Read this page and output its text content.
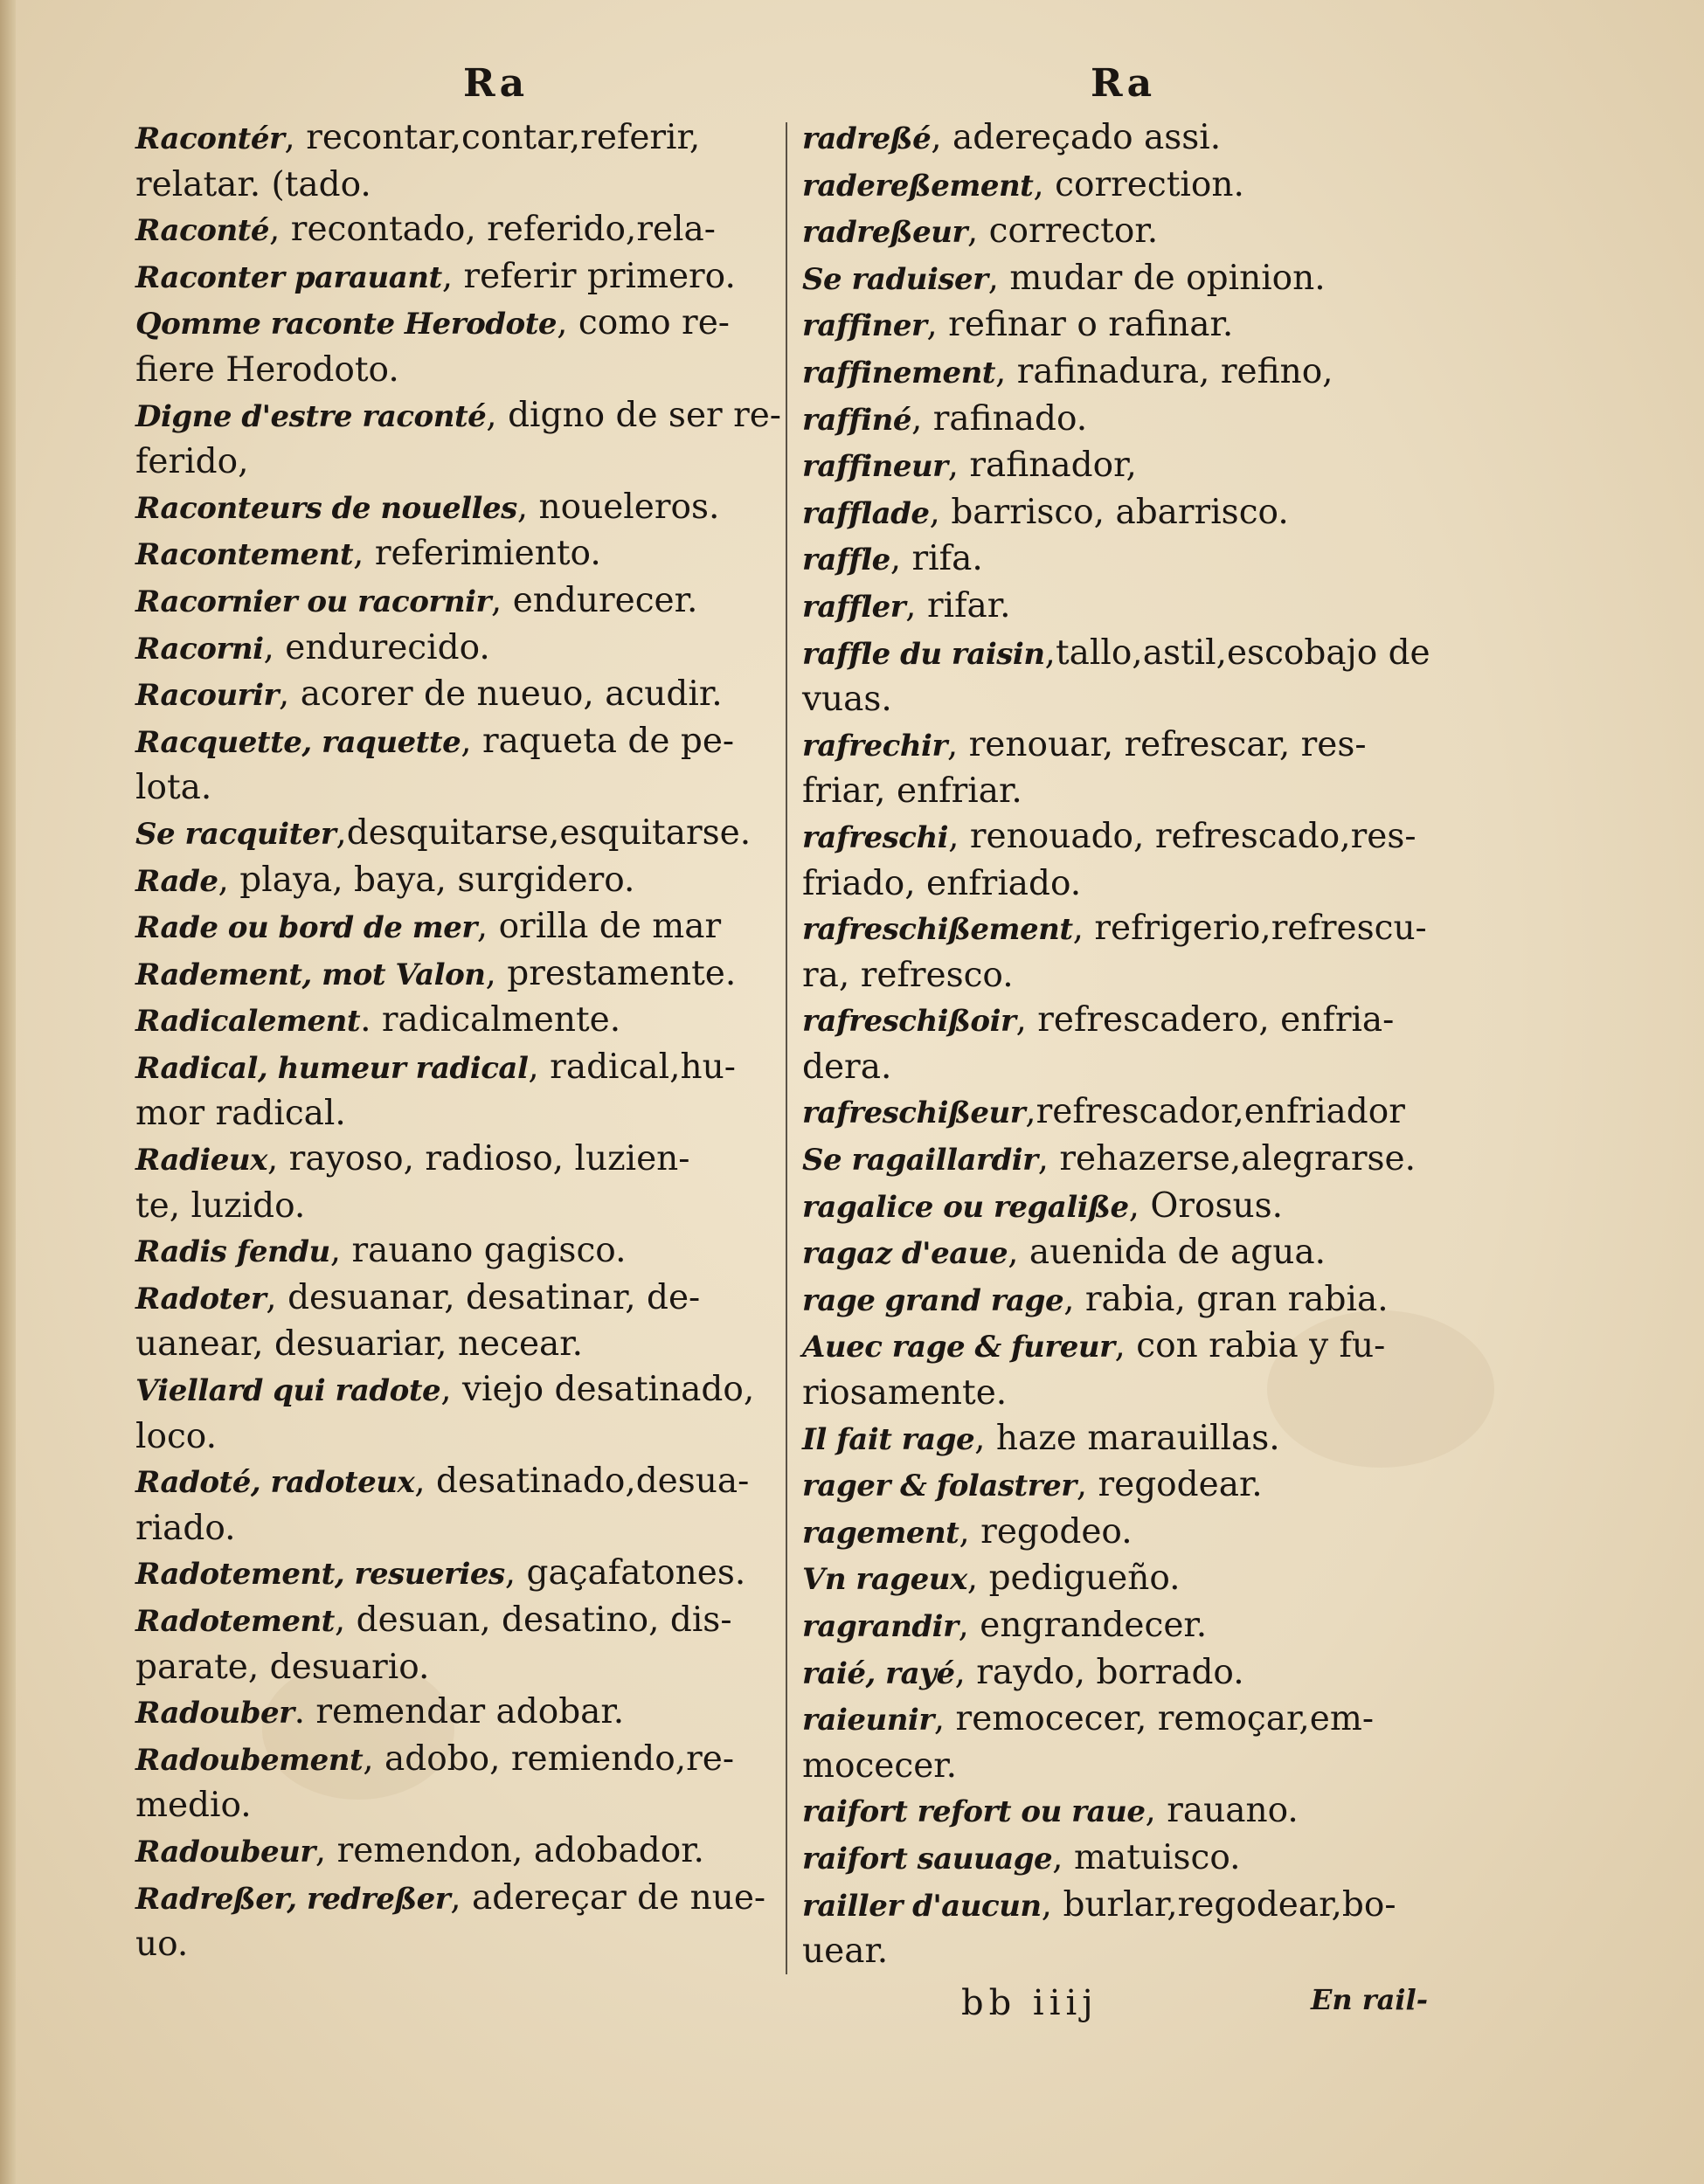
Ra	Ra
Racontér, recontar,contar,referir,
relatar. (tado.
Raconté, recontado, referido,rela-
Raconter parauant, referir primero.
Qomme raconte Herodote, como re-
fiere Herodoto.
Digne d'estre raconté, digno de ser re-
ferido,
Raconteurs de nouelles, noueleros.
Racontement, referimiento.
Racornier ou racornir, endurecer.
Racorni, endurecido.
Racourir, acorer de nueuo, acudir.
Racquette, raquette, raqueta de pe-
lota.
Se racquiter,desquitarse,esquitarse.
Rade, playa, baya, surgidero.
Rade ou bord de mer, orilla de mar
Radement, mot Valon, prestamente.
Radicalement. radicalmente.
Radical, humeur radical, radical,hu-
mor radical.
Radieux, rayoso, radioso, luzien-
te, luzido.
Radis fendu, rauano gagisco.
Radoter, desuanar, desatinar, de-
uanear, desuariar, necear.
Viellard qui radote, viejo desatinado,
loco.
Radoté, radoteux, desatinado,desua-
riado.
Radotement, resueries, gaçafatones.
Radotement, desuan, desatino, dis-
parate, desuario.
Radouber. remendar adobar.
Radoubement, adobo, remiendo,re-
medio.
Radoubeur, remendon, adobador.
Radreßer, redreßer, adereçar de nue-
uo.
radreßé, adereçado assi.
radereßement, correction.
radreßeur, corrector.
Se raduiser, mudar de opinion.
raffiner, refinar o rafinar.
raffinement, rafinadura, refino,
raffiné, rafinado.
raffineur, rafinador,
rafflade, barrisco, abarrisco.
raffle, rifa.
raffler, rifar.
raffle du raisin,tallo,astil,escobajo de
vuas.
rafrechir, renouar, refrescar, res-
friar, enfriar.
rafreschi, renouado, refrescado,res-
friado, enfriado.
rafreschißement, refrigerio,refrescu-
ra, refresco.
rafreschißoir, refrescadero, enfria-
dera.
rafreschißeur,refrescador,enfriador
Se ragaillardir, rehazerse,alegrarse.
ragalice ou regaliße, Orosus.
ragaz d'eaue, auenida de agua.
rage grand rage, rabia, gran rabia.
Auec rage & fureur, con rabia y fu-
riosamente.
Il fait rage, haze marauillas.
rager & folastrer, regodear.
ragement, regodeo.
Vn rageux, pedigueño.
ragrandir, engrandecer.
raié, rayé, raydo, borrado.
raieunir, remocecer, remoçar,em-
mocecer.
raifort refort ou raue, rauano.
raifort sauuage, matuisco.
railler d'aucun, burlar,regodear,bo-
uear.
bb iiij	En rail-
